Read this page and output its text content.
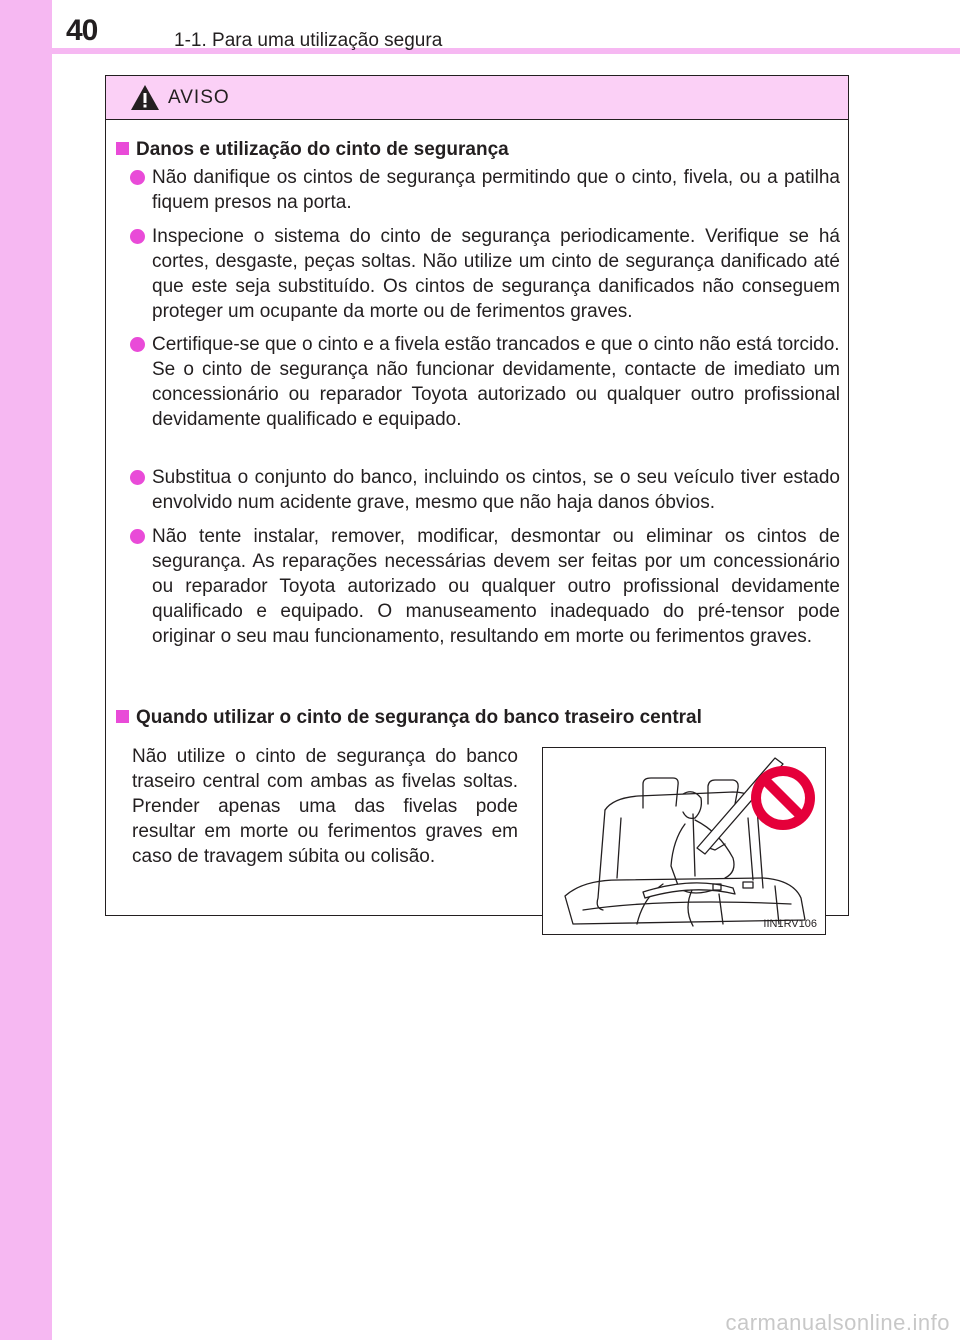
40	1-1. Para uma utilização segura
AVISO
Danos e utilização do cinto de segurança

Não danifique os cintos de segurança permitindo que o cinto, fivela, ou a patilha fiquem presos na porta.

Inspecione o sistema do cinto de segurança periodicamente. Verifique se há cortes, desgaste, peças soltas. Não utilize um cinto de segurança danificado até que este seja substituído. Os cintos de segurança danificados não conseguem proteger um ocupante da morte ou de ferimentos graves.

Certifique-se que o cinto e a fivela estão trancados e que o cinto não está torcido.

Se o cinto de segurança não funcionar devidamente, contacte de imediato um concessionário ou reparador Toyota autorizado ou qualquer outro profissional devidamente qualificado e equipado.

Substitua o conjunto do banco, incluindo os cintos, se o seu veículo tiver estado envolvido num acidente grave, mesmo que não haja danos óbvios.

Não tente instalar, remover, modificar, desmontar ou eliminar os cintos de segurança. As reparações necessárias devem ser feitas por um concessionário ou reparador Toyota autorizado ou qualquer outro profissional devidamente qualificado e equipado. O manuseamento inadequado do pré-tensor pode originar o seu mau funcionamento, resultando em morte ou ferimentos graves.

Quando utilizar o cinto de segurança do banco traseiro central
Não utilize o cinto de segurança do banco traseiro central com ambas as fivelas soltas. Prender apenas uma das fivelas pode resultar em morte ou ferimentos graves em caso de travagem súbita ou colisão.
IIN1RV106
carmanualsonline.info
